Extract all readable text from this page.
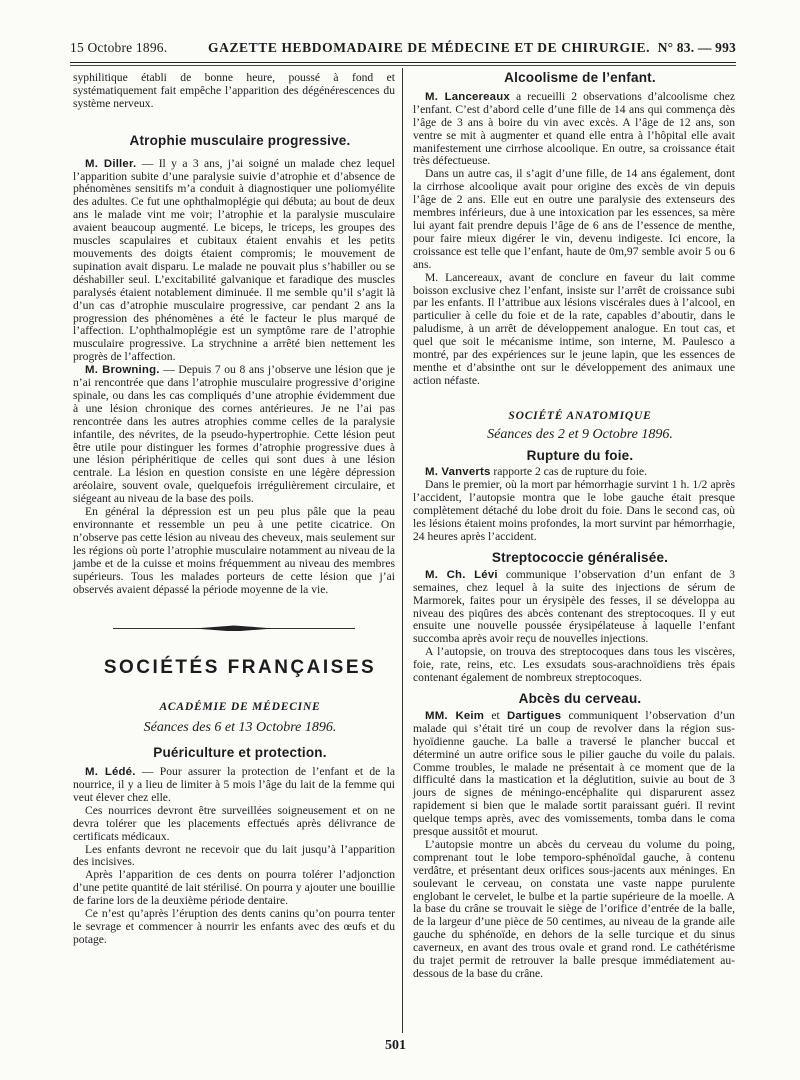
15 Octobre 1896.	GAZETTE HEBDOMADAIRE DE MÉDECINE ET DE CHIRURGIE. N° 83. — 993

syphilitique établi de bonne heure, poussé à fond et systématiquement fait empêche l’apparition des dégénérescences du système nerveux.

Atrophie musculaire progressive.

M. Diller. — Il y a 3 ans, j’ai soigné un malade chez lequel l’apparition subite d’une paralysie suivie d’atrophie et d’absence de phénomènes sensitifs m’a conduit à diagnostiquer une poliomyélite des adultes. Ce fut une ophthalmoplégie qui débuta; au bout de deux ans le malade vint me voir; l’atrophie et la paralysie musculaire avaient beaucoup augmenté. Le biceps, le triceps, les groupes des muscles scapulaires et cubitaux étaient envahis et les petits mouvements des doigts étaient compromis; le mouvement de supination avait disparu. Le malade ne pouvait plus s’habiller ou se déshabiller seul. L’excitabilité galvanique et faradique des muscles paralysés étaient notablement diminuée. Il me semble qu’il s’agit là d’un cas d’atrophie musculaire progressive, car pendant 2 ans la progression des phénomènes a été le facteur le plus marqué de l’affection. L’ophthalmoplégie est un symptôme rare de l’atrophie musculaire progressive. La strychnine a arrêté bien nettement les progrès de l’affection.

M. Browning. — Depuis 7 ou 8 ans j’observe une lésion que je n’ai rencontrée que dans l’atrophie musculaire progressive d’origine spinale, ou dans les cas compliqués d’une atrophie évidemment due à une lésion chronique des cornes antérieures. Je ne l’ai pas rencontrée dans les autres atrophies comme celles de la paralysie infantile, des névrites, de la pseudo-hypertrophie. Cette lésion peut être utile pour distinguer les formes d’atrophie progressive dues à une lésion périphéritique de celles qui sont dues à une lésion centrale. La lésion en question consiste en une légère dépression aréolaire, souvent ovale, quelquefois irrégulièrement circulaire, et siégeant au niveau de la base des poils.

En général la dépression est un peu plus pâle que la peau environnante et ressemble un peu à une petite cicatrice. On n’observe pas cette lésion au niveau des cheveux, mais seulement sur les régions où porte l’atrophie musculaire notamment au niveau de la jambe et de la cuisse et moins fréquemment au niveau des membres supérieurs. Tous les malades porteurs de cette lésion que j’ai observés avaient dépassé la période moyenne de la vie.

SOCIÉTÉS FRANÇAISES

ACADÉMIE DE MÉDECINE

Séances des 6 et 13 Octobre 1896.

Puériculture et protection.

M. Lédé. — Pour assurer la protection de l’enfant et de la nourrice, il y a lieu de limiter à 5 mois l’âge du lait de la femme qui veut élever chez elle.

Ces nourrices devront être surveillées soigneusement et on ne devra tolérer que les placements effectués après délivrance de certificats médicaux.

Les enfants devront ne recevoir que du lait jusqu’à l’apparition des incisives.

Après l’apparition de ces dents on pourra tolérer l’adjonction d’une petite quantité de lait stérilisé. On pourra y ajouter une bouillie de farine lors de la deuxième période dentaire.

Ce n’est qu’après l’éruption des dents canins qu’on pourra tenter le sevrage et commencer à nourrir les enfants avec des œufs et du potage.

Alcoolisme de l’enfant.

M. Lancereaux a recueilli 2 observations d’alcoolisme chez l’enfant. C’est d’abord celle d’une fille de 14 ans qui commença dès l’âge de 3 ans à boire du vin avec excès. A l’âge de 12 ans, son ventre se mit à augmenter et quand elle entra à l’hôpital elle avait manifestement une cirrhose alcoolique. En outre, sa croissance était très défectueuse.

Dans un autre cas, il s’agit d’une fille, de 14 ans également, dont la cirrhose alcoolique avait pour origine des excès de vin depuis l’âge de 2 ans. Elle eut en outre une paralysie des extenseurs des membres inférieurs, due à une intoxication par les essences, sa mère lui ayant fait prendre depuis l’âge de 6 ans de l’essence de menthe, pour faire mieux digérer le vin, devenu indigeste. Ici encore, la croissance est telle que l’enfant, haute de 0m,97 semble avoir 5 ou 6 ans.

M. Lancereaux, avant de conclure en faveur du lait comme boisson exclusive chez l’enfant, insiste sur l’arrêt de croissance subi par les enfants. Il l’attribue aux lésions viscérales dues à l’alcool, en particulier à celle du foie et de la rate, capables d’aboutir, dans le paludisme, à un arrêt de développement analogue. En tout cas, et quel que soit le mécanisme intime, son interne, M. Paulesco a montré, par des expériences sur le jeune lapin, que les essences de menthe et d’absinthe ont sur le développement des animaux une action néfaste.

SOCIÉTÉ ANATOMIQUE

Séances des 2 et 9 Octobre 1896.

Rupture du foie.

M. Vanverts rapporte 2 cas de rupture du foie.

Dans le premier, où la mort par hémorrhagie survint 1 h. 1/2 après l’accident, l’autopsie montra que le lobe gauche était presque complètement détaché du lobe droit du foie. Dans le second cas, où les lésions étaient moins profondes, la mort survint par hémorrhagie, 24 heures après l’accident.

Streptococcie généralisée.

M. Ch. Lévi communique l’observation d’un enfant de 3 semaines, chez lequel à la suite des injections de sérum de Marmorek, faites pour un érysipèle des fesses, il se développa au niveau des piqûres des abcès contenant des streptocoques. Il y eut ensuite une nouvelle poussée érysipélateuse à laquelle l’enfant succomba après avoir reçu de nouvelles injections.

A l’autopsie, on trouva des streptocoques dans tous les viscères, foie, rate, reins, etc. Les exsudats sous-arachnoïdiens très épais contenant également de nombreux streptocoques.

Abcès du cerveau.

MM. Keim et Dartigues communiquent l’observation d’un malade qui s’était tiré un coup de revolver dans la région sus-hyoïdienne gauche. La balle a traversé le plancher buccal et déterminé un autre orifice sous le pilier gauche du voile du palais. Comme troubles, le malade ne présentait à ce moment que de la difficulté dans la mastication et la déglutition, suivie au bout de 3 jours de signes de méningo-encéphalite qui disparurent assez rapidement si bien que le malade sortit paraissant guéri. Il revint quelque temps après, avec des vomissements, tomba dans le coma presque aussitôt et mourut.

L’autopsie montre un abcès du cerveau du volume du poing, comprenant tout le lobe temporo-sphénoïdal gauche, à contenu verdâtre, et présentant deux orifices sous-jacents aux méninges. En soulevant le cerveau, on constata une vaste nappe purulente englobant le cervelet, le bulbe et la partie supérieure de la moelle. A la base du crâne se trouvait le siège de l’orifice d’entrée de la balle, de la largeur d’une pièce de 50 centimes, au niveau de la grande aile gauche du sphénoïde, en dehors de la selle turcique et du sinus caverneux, en avant des trous ovale et grand rond. Le cathétérisme du trajet permit de retrouver la balle presque immédiatement au-dessous de la base du crâne.

501
